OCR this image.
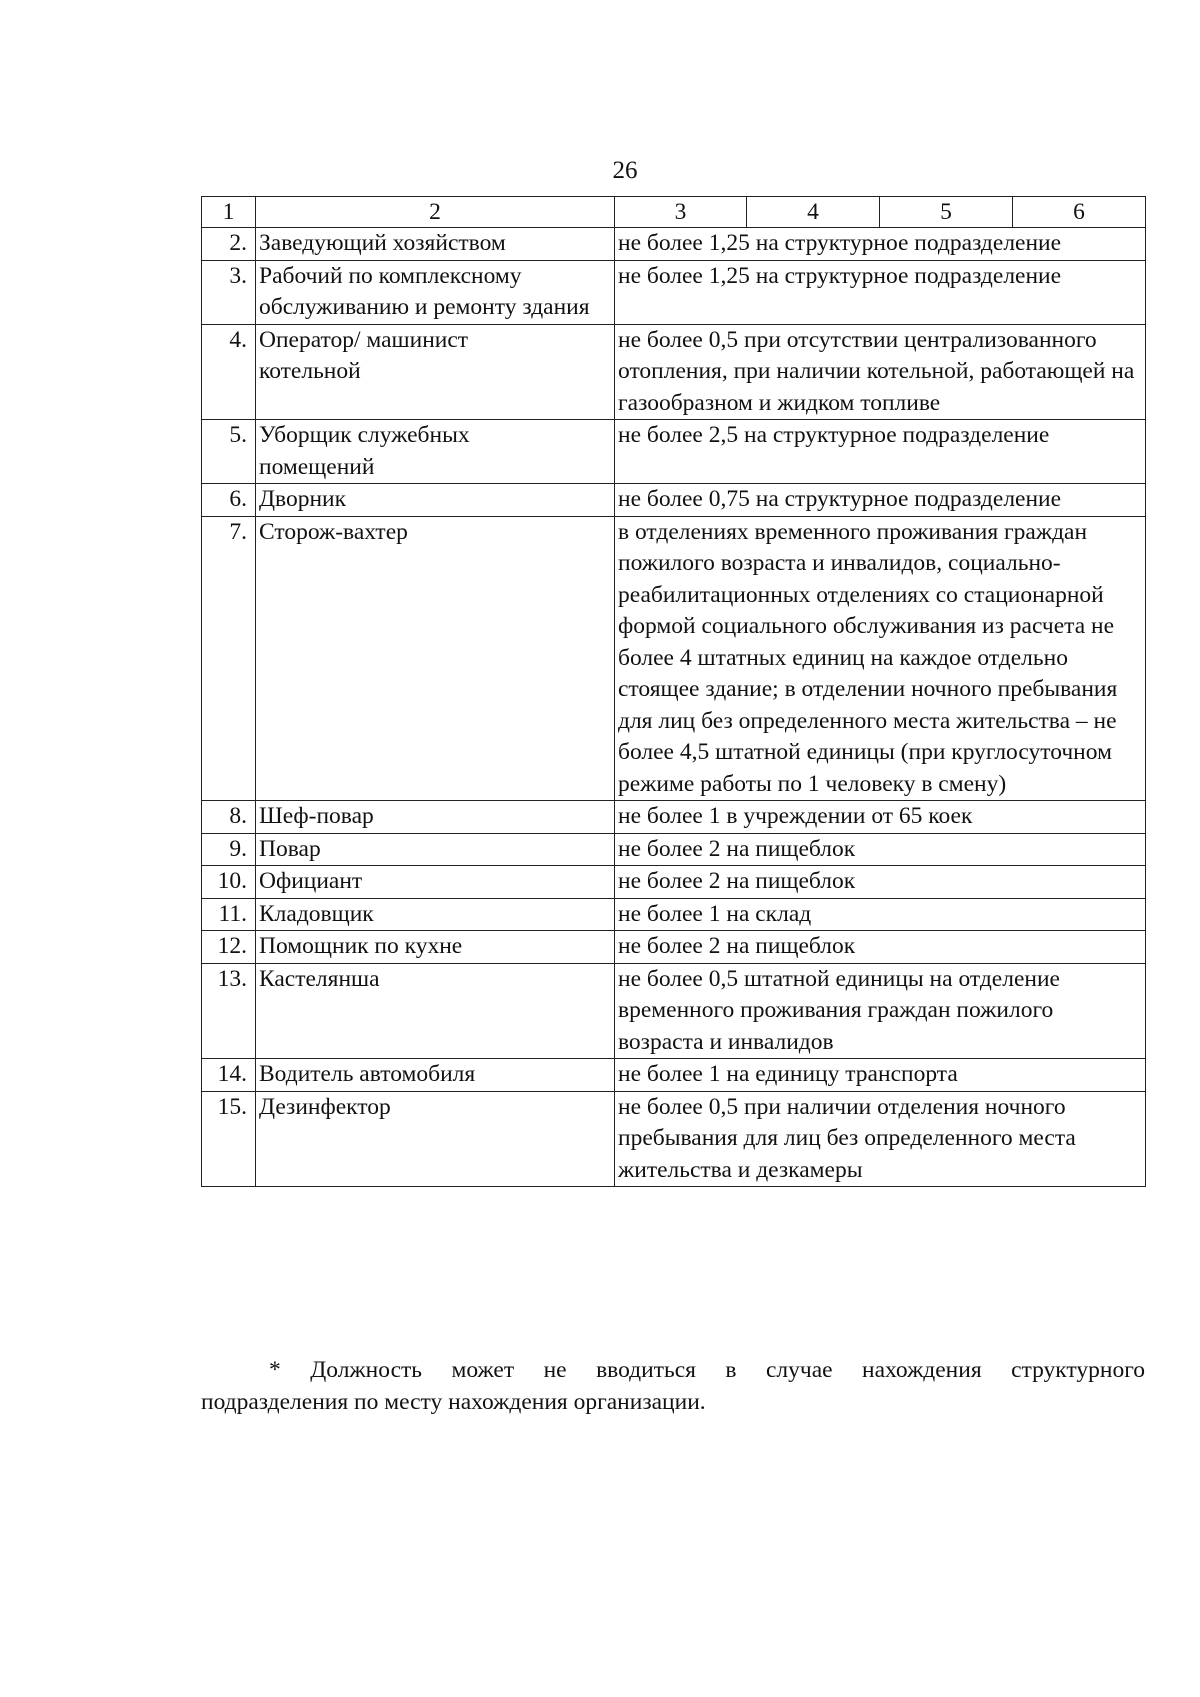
26
1	2	3	4	5	6
2.	Заведующий хозяйством	не более 1,25 на структурное подразделение			
3.	Рабочий по комплексному обслуживанию и ремонту здания	не более 1,25 на структурное подразделение			
4.	Оператор/ машинист котельной	не более 0,5 при отсутствии централизованного отопления, при наличии котельной, работающей на газообразном и жидком топливе			
5.	Уборщик служебных помещений	не более 2,5 на структурное подразделение			
6.	Дворник	не более 0,75 на структурное подразделение			
7.	Сторож-вахтер	в отделениях временного проживания граждан пожилого возраста и инвалидов, социально-реабилитационных отделениях со стационарной формой социального обслуживания из расчета не более 4 штатных единиц на каждое отдельно стоящее здание; в отделении ночного пребывания для лиц без определенного места жительства – не более 4,5 штатной единицы (при круглосуточном режиме работы по 1 человеку в смену)			
8.	Шеф-повар	не более 1 в учреждении от 65 коек			
9.	Повар	не более 2 на пищеблок			
10.	Официант	не более 2 на пищеблок			
11.	Кладовщик	не более 1 на склад			
12.	Помощник по кухне	не более 2 на пищеблок			
13.	Кастелянша	не более 0,5 штатной единицы на отделение временного проживания граждан пожилого возраста и инвалидов			
14.	Водитель автомобиля	не более 1 на единицу транспорта			
15.	Дезинфектор	не более 0,5 при наличии отделения ночного пребывания для лиц без определенного места жительства и дезкамеры			
* Должность может не вводиться в случае нахождения структурного
подразделения по месту нахождения организации.
